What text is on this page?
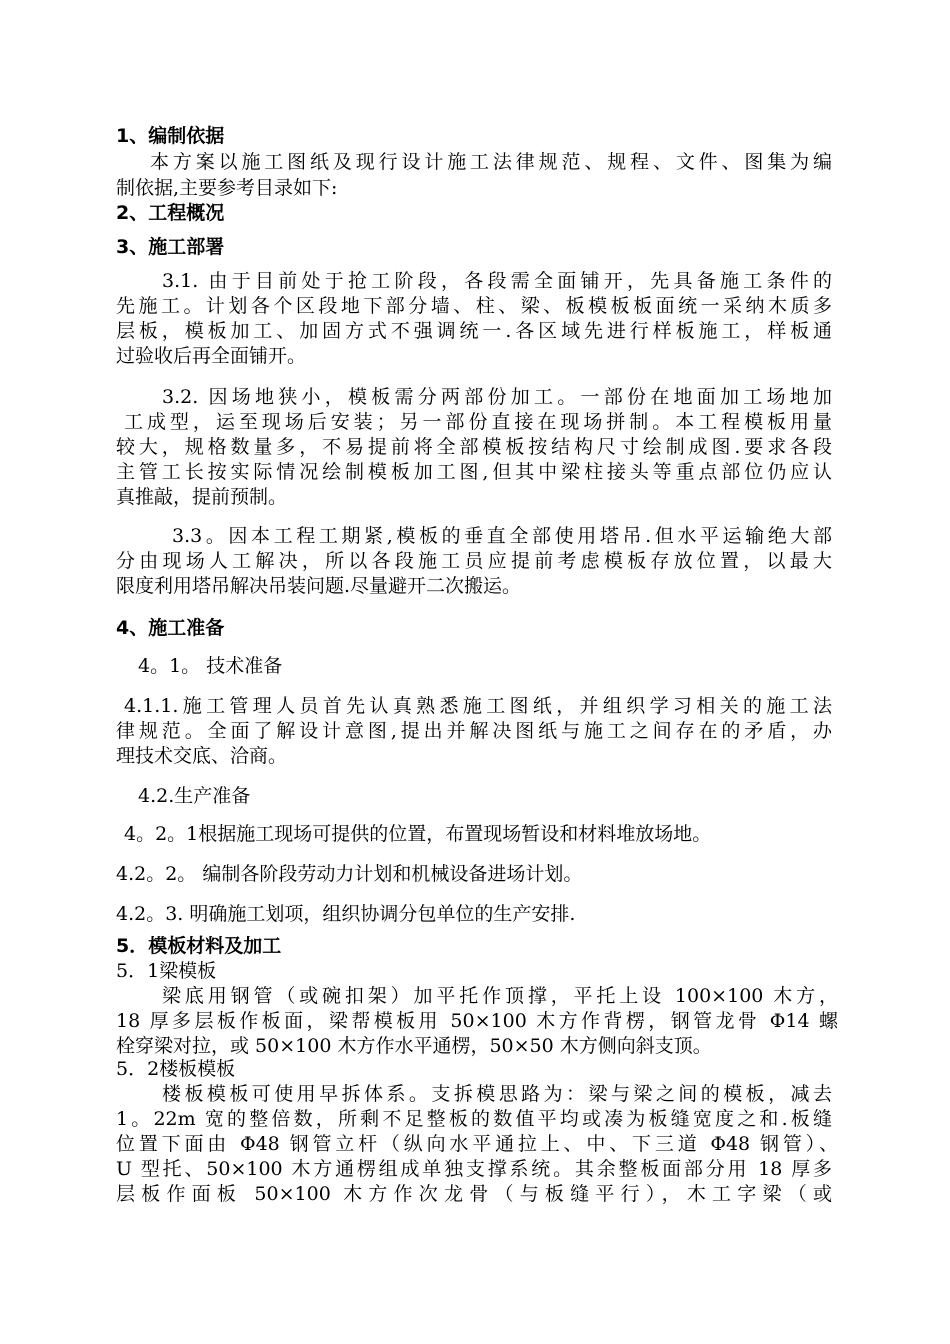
1、编制依据
本方案以施工图纸及现行设计施工法律规范、规程、文件、图集为编
制依据,主要参考目录如下:
2、工程概况
3、施工部署
3.1. 由于目前处于抢工阶段，各段需全面铺开，先具备施工条件的
先施工。计划各个区段地下部分墙、柱、梁、板模板板面统一采纳木质多
层板，模板加工、加固方式不强调统一.各区域先进行样板施工，样板通
过验收后再全面铺开。
3.2. 因场地狭小，模板需分两部份加工。一部份在地面加工场地加
工成型，运至现场后安装；另一部份直接在现场拼制。本工程模板用量
较大，规格数量多，不易提前将全部模板按结构尺寸绘制成图.要求各段
主管工长按实际情况绘制模板加工图,但其中梁柱接头等重点部位仍应认
真推敲，提前预制。
3.3。因本工程工期紧,模板的垂直全部使用塔吊.但水平运输绝大部
分由现场人工解决，所以各段施工员应提前考虑模板存放位置，以最大
限度利用塔吊解决吊装问题.尽量避开二次搬运。
4、施工准备
4。1。 技术准备
4.1.1.施工管理人员首先认真熟悉施工图纸，并组织学习相关的施工法
律规范。全面了解设计意图,提出并解决图纸与施工之间存在的矛盾，办
理技术交底、洽商。
4.2.生产准备
4。2。1根据施工现场可提供的位置，布置现场暂设和材料堆放场地。
4.2。2。 编制各阶段劳动力计划和机械设备进场计划。
4.2。3. 明确施工划项，组织协调分包单位的生产安排.
5．模板材料及加工
5．1梁模板
梁底用钢管（或碗扣架）加平托作顶撑，平托上设 100×100 木方，
18 厚多层板作板面，梁帮模板用 50×100 木方作背楞，钢管龙骨 Φ14 螺
栓穿梁对拉，或 50×100 木方作水平通楞，50×50 木方侧向斜支顶。
5．2楼板模板
楼板模板可使用早拆体系。支拆模思路为：梁与梁之间的模板，减去
1。22m 宽的整倍数，所剩不足整板的数值平均或凑为板缝宽度之和.板缝
位置下面由 Φ48 钢管立杆（纵向水平通拉上、中、下三道 Φ48 钢管）、
U 型托、50×100 木方通楞组成单独支撑系统。其余整板面部分用 18 厚多
层板作面板 50×100 木方作次龙骨（与板缝平行），木工字梁（或
